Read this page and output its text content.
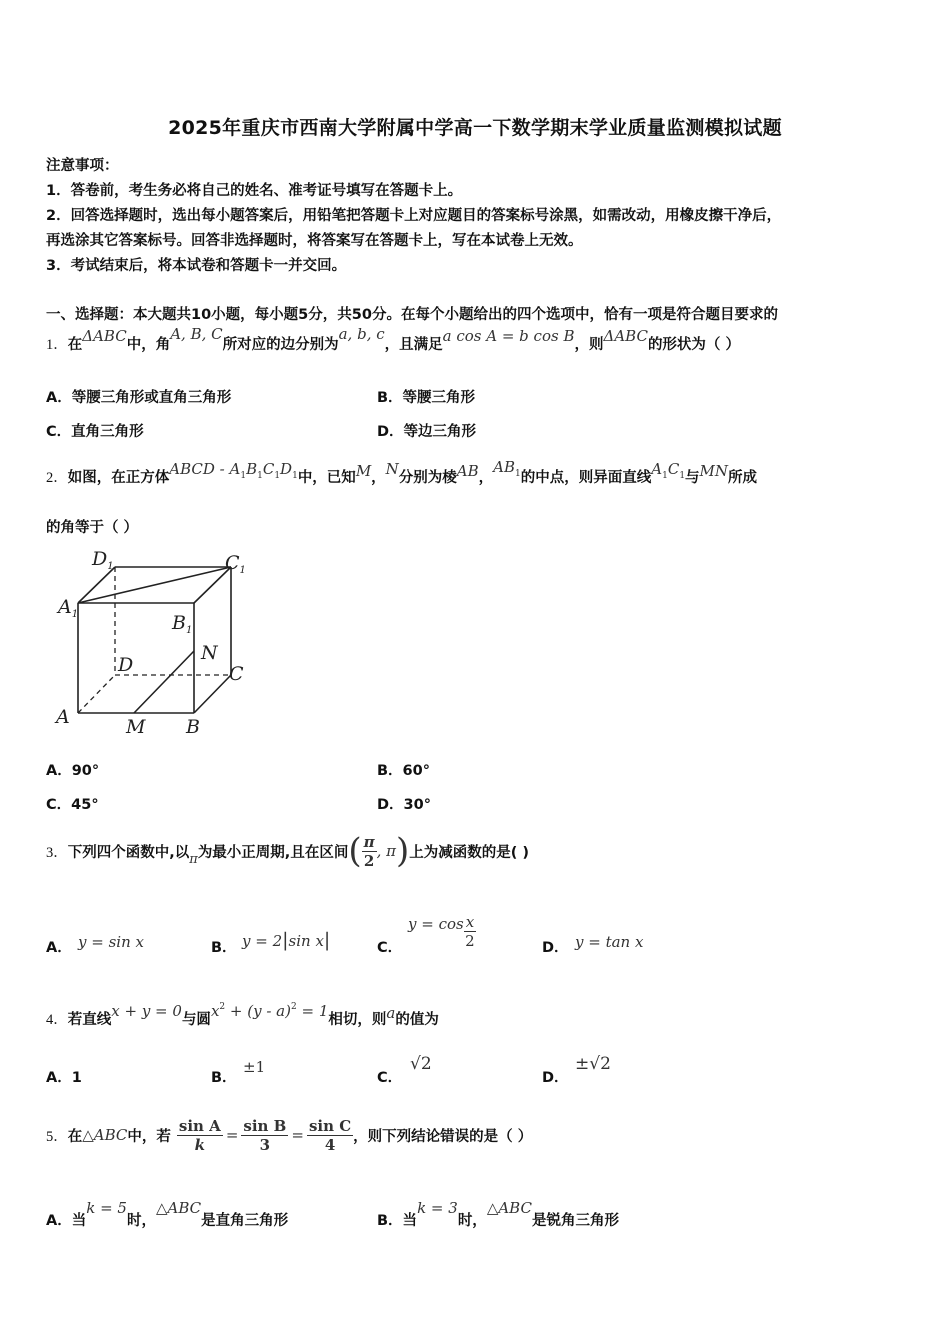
2025年重庆市西南大学附属中学高一下数学期末学业质量监测模拟试题
注意事项：
1．答卷前，考生务必将自己的姓名、准考证号填写在答题卡上。
2．回答选择题时，选出每小题答案后，用铅笔把答题卡上对应题目的答案标号涂黑，如需改动，用橡皮擦干净后，
再选涂其它答案标号。回答非选择题时，将答案写在答题卡上，写在本试卷上无效。
3．考试结束后，将本试卷和答题卡一并交回。
一、选择题：本大题共10小题，每小题5分，共50分。在每个小题给出的四个选项中，恰有一项是符合题目要求的
1．在ΔABC中，角A, B, C所对应的边分别为a, b, c，且满足a cos A = b cos B，则ΔABC的形状为（ ）
A．等腰三角形或直角三角形	B．等腰三角形
C．直角三角形	D．等边三角形
2．如图，在正方体ABCD - $A_1B_1C_1D_1$中，已知M，N分别为棱AB，$AB_1$的中点，则异面直线$A_1C_1$与MN所成
的角等于（ ）
$D_1$	$C_1$
$A_1$	$B_1$
N
D	C
A	M B
A．90°	B．60°
C．45°	D．30°
3． 下列四个函数中,以 π 为最小正周期,且在区间 ( $\frac{\pi}{2}$ , π ) 上为减函数的是( )
A． y = sin x	B． y = 2|sin x|	C．
$y = \cos \frac{x}{2}$	D． y = tan x
4．若直线x + y = 0与圆$x^2 + (y - a)^2 = 1$相切，则a的值为
A．1	B．
±1
C．
√2
D．
±√2
5． 在 △ABC 中，若 $\frac{\text{sin A}}{k} = \frac{\text{sin B}}{3} = \frac{\text{sin C}}{4}$ ，则下列结论错误的是（ ）
A．当k = 5时，△ABC是直角三角形	B．当k = 3时，△ABC是锐角三角形
